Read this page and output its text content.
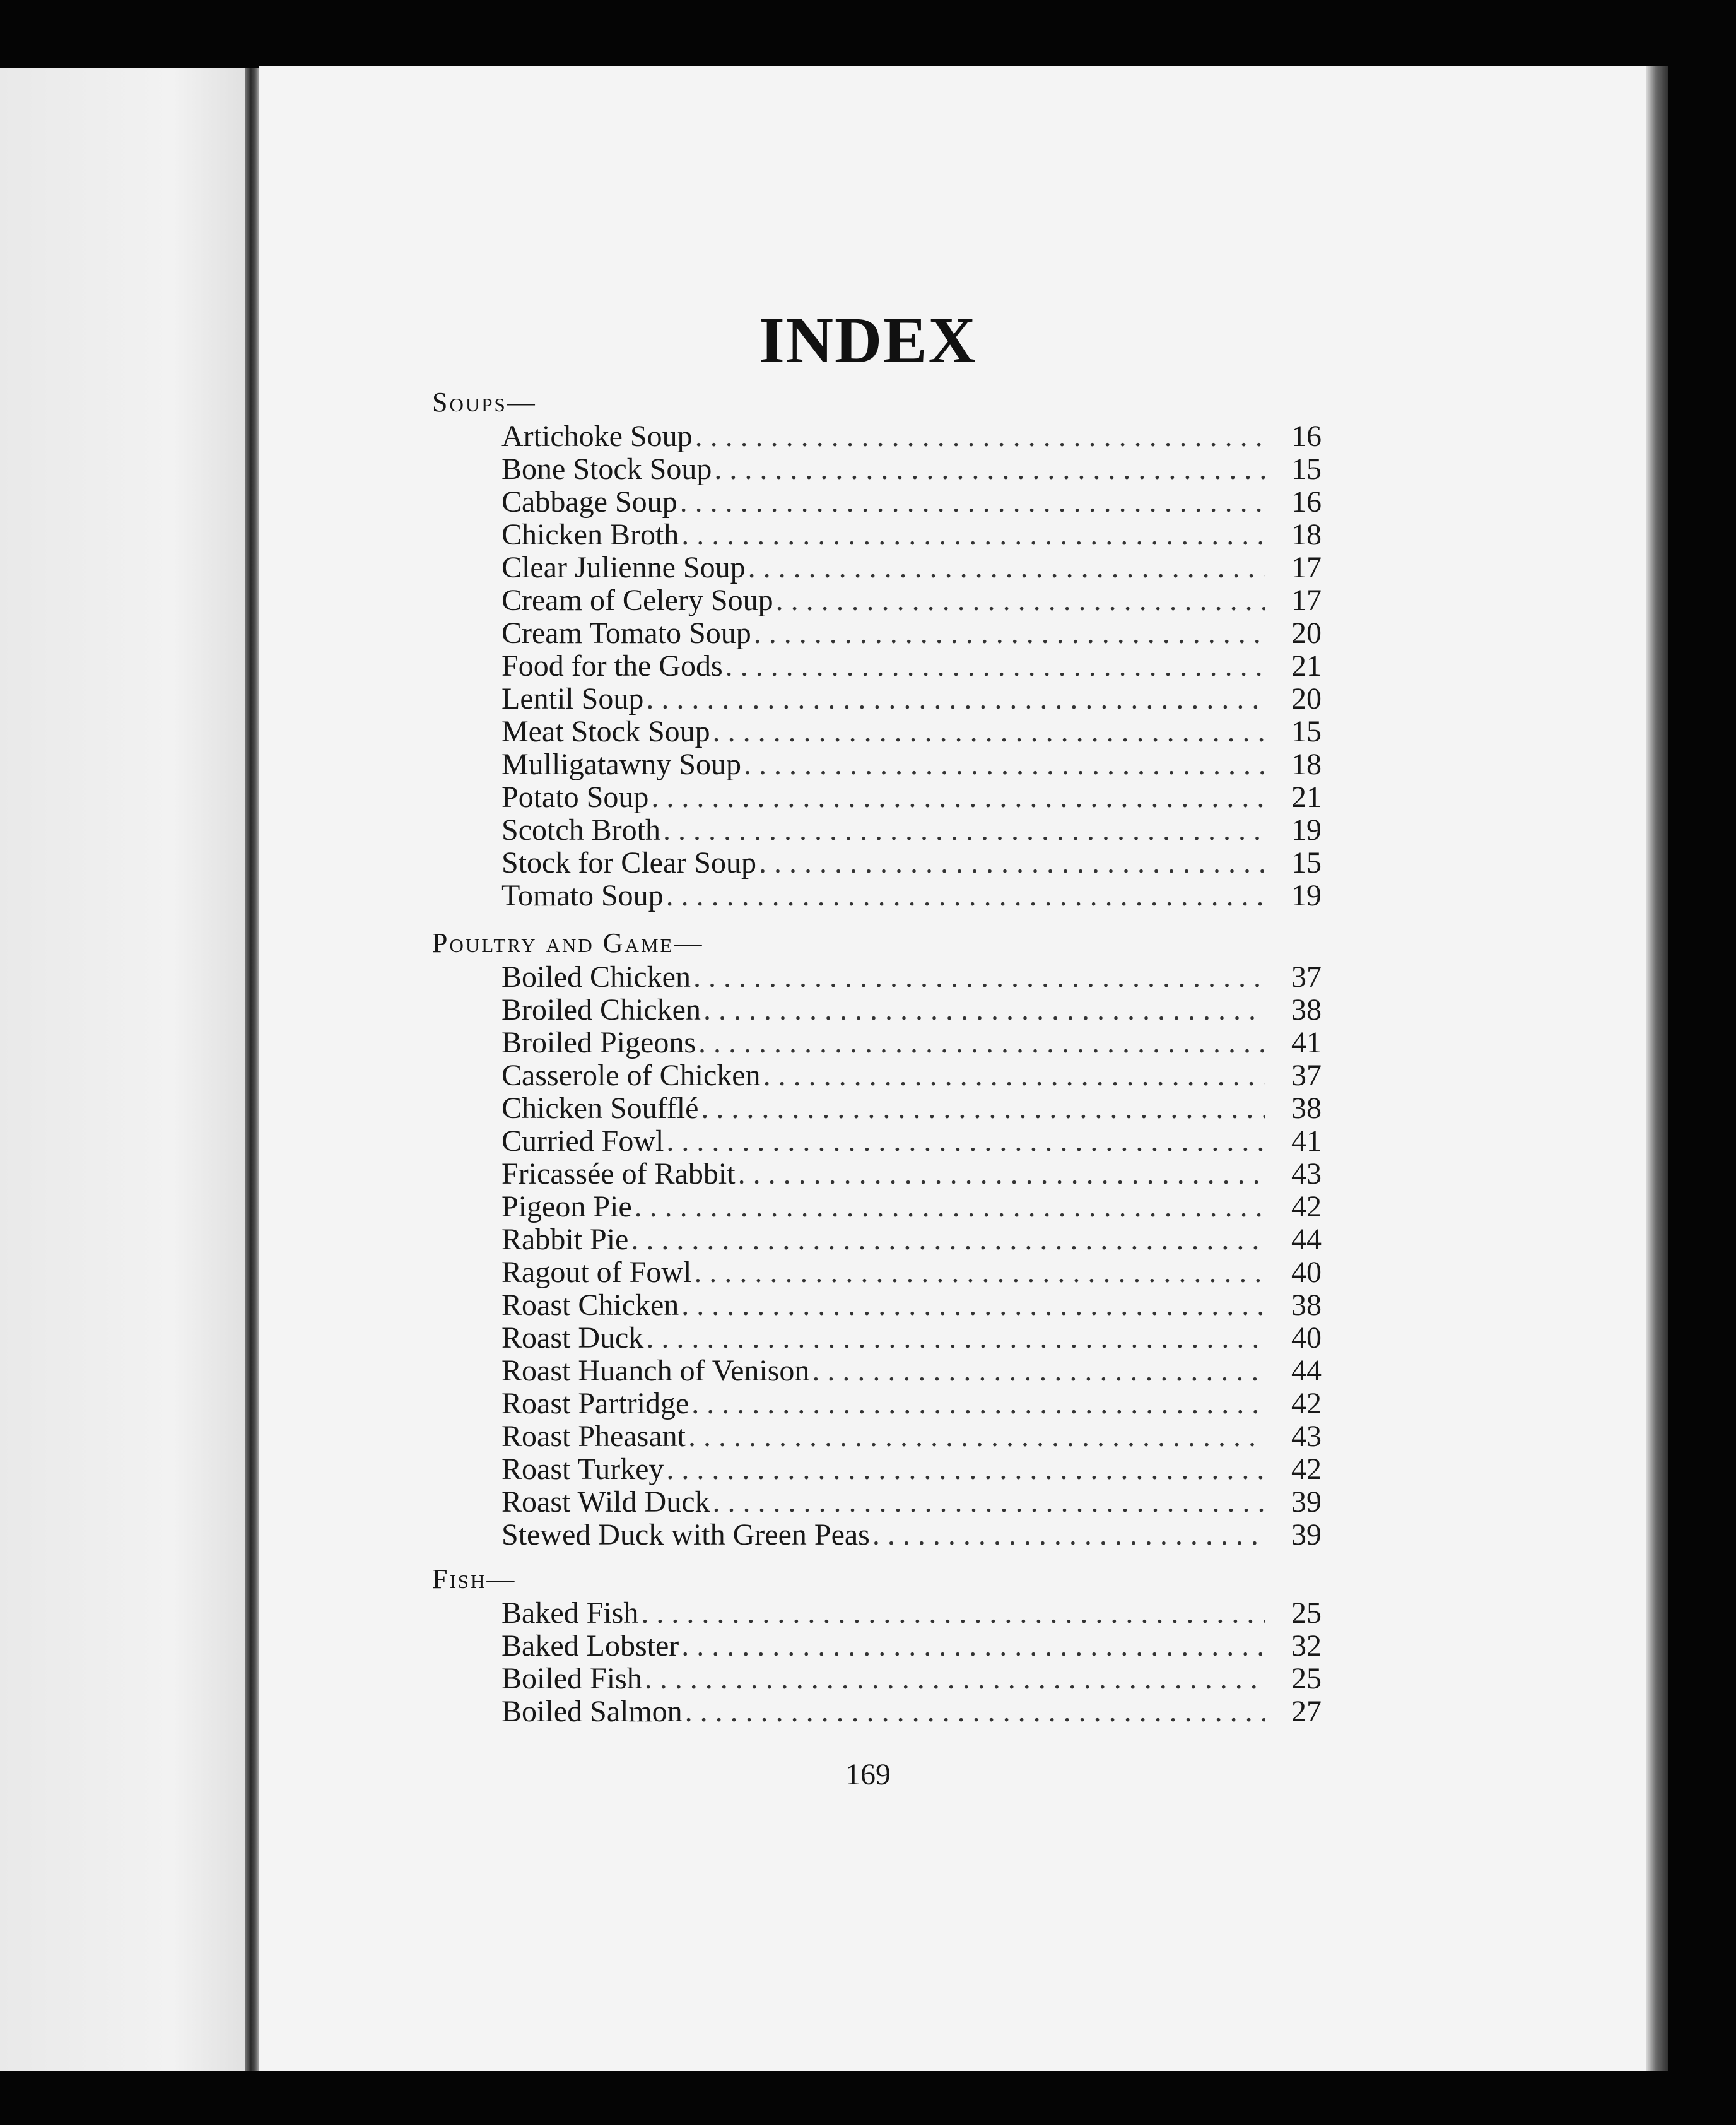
INDEX
Soups—
Artichoke Soup . . .	16
Bone Stock Soup . . .	15
Cabbage Soup . . .	16
Chicken Broth . . .	18
Clear Julienne Soup . . .	17
Cream of Celery Soup . . .	17
Cream Tomato Soup . . .	20
Food for the Gods . . .	21
Lentil Soup . . .	20
Meat Stock Soup . . .	15
Mulligatawny Soup . . .	18
Potato Soup . . .	21
Scotch Broth . . .	19
Stock for Clear Soup . . .	15
Tomato Soup . . .	19
Poultry and Game—
Boiled Chicken . . .	37
Broiled Chicken . . .	38
Broiled Pigeons . . .	41
Casserole of Chicken . . .	37
Chicken Soufflé . . .	38
Curried Fowl . . .	41
Fricassée of Rabbit . . .	43
Pigeon Pie . . .	42
Rabbit Pie . . .	44
Ragout of Fowl . . .	40
Roast Chicken . . .	38
Roast Duck . . .	40
Roast Huanch of Venison . . .	44
Roast Partridge . . .	42
Roast Pheasant . . .	43
Roast Turkey . . .	42
Roast Wild Duck . . .	39
Stewed Duck with Green Peas . . .	39
Fish—
Baked Fish . . .	25
Baked Lobster . . .	32
Boiled Fish . . .	25
Boiled Salmon . . .	27
169
